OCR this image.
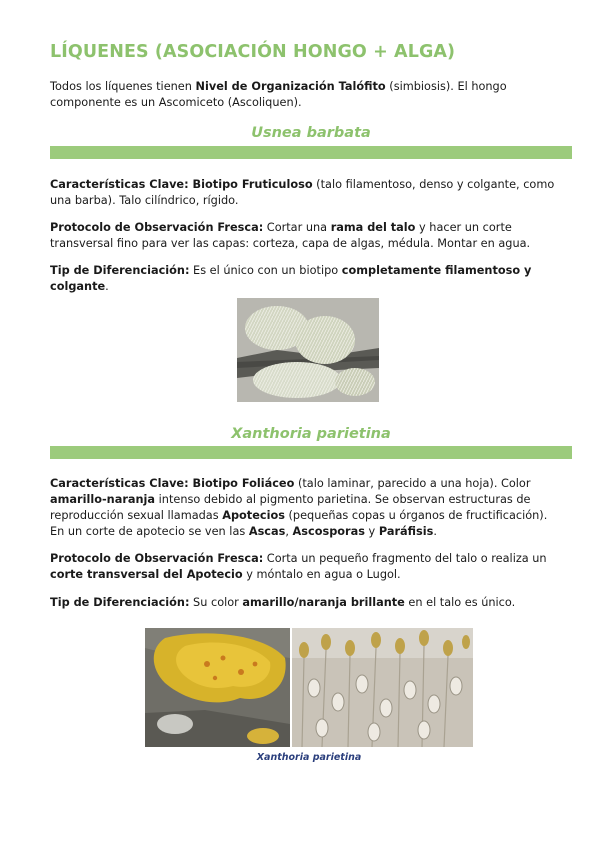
LÍQUENES (ASOCIACIÓN HONGO + ALGA)

Todos los líquenes tienen Nivel de Organización Talófito (simbiosis). El hongo componente es un Ascomiceto (Ascoliquen).

Usnea barbata

Características Clave: Biotipo Fruticuloso (talo filamentoso, denso y colgante, como una barba). Talo cilíndrico, rígido.

Protocolo de Observación Fresca: Cortar una rama del talo y hacer un corte transversal fino para ver las capas: corteza, capa de algas, médula. Montar en agua.

Tip de Diferenciación: Es el único con un biotipo completamente filamentoso y colgante.

Xanthoria parietina

Características Clave: Biotipo Foliáceo (talo laminar, parecido a una hoja). Color amarillo-naranja intenso debido al pigmento parietina. Se observan estructuras de reproducción sexual llamadas Apotecios (pequeñas copas u órganos de fructificación). En un corte de apotecio se ven las Ascas, Ascosporas y Paráfisis.

Protocolo de Observación Fresca: Corta un pequeño fragmento del talo o realiza un corte transversal del Apotecio y móntalo en agua o Lugol.

Tip de Diferenciación: Su color amarillo/naranja brillante en el talo es único.

Xanthoria parietina
